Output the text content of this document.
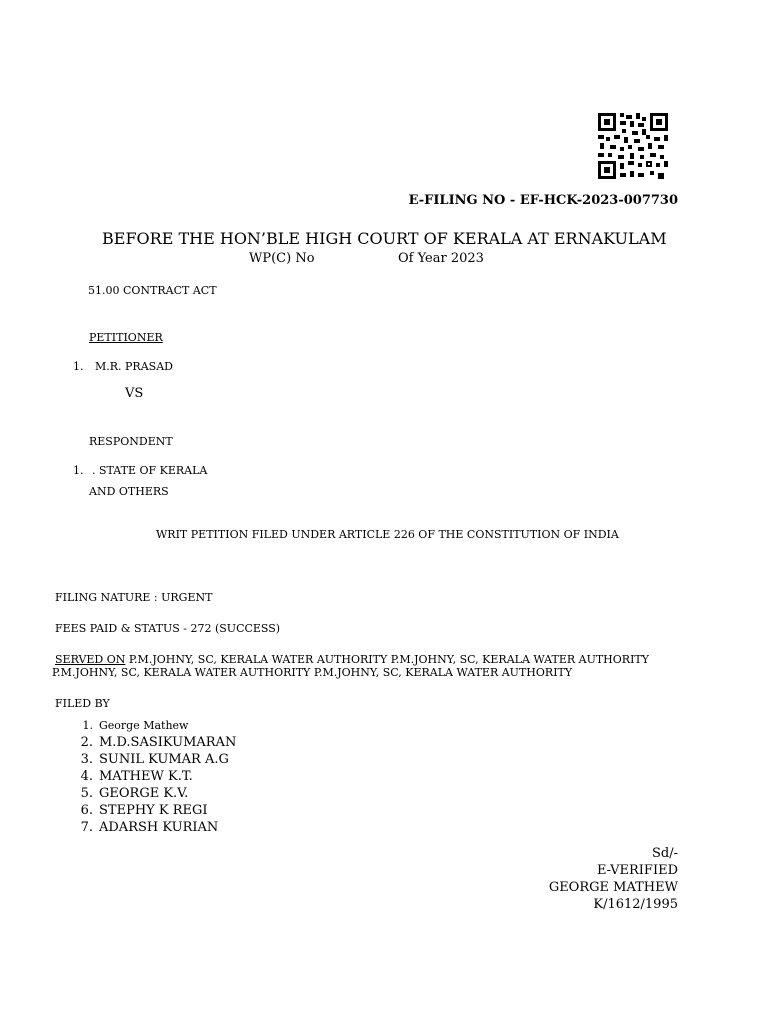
E-FILING NO - EF-HCK-2023-007730
BEFORE THE HON’BLE HIGH COURT OF KERALA AT ERNAKULAM
WP(C) No	Of Year 2023
51.00 CONTRACT ACT
PETITIONER
1. M.R. PRASAD
VS
RESPONDENT
1. . STATE OF KERALA
AND OTHERS
WRIT PETITION FILED UNDER ARTICLE 226 OF THE CONSTITUTION OF INDIA
FILING NATURE : URGENT
FEES PAID & STATUS - 272 (SUCCESS)
SERVED ON P.M.JOHNY, SC, KERALA WATER AUTHORITY P.M.JOHNY, SC, KERALA WATER AUTHORITY P.M.JOHNY, SC, KERALA WATER AUTHORITY P.M.JOHNY, SC, KERALA WATER AUTHORITY
FILED BY
1. George Mathew
2. M.D.SASIKUMARAN
3. SUNIL KUMAR A.G
4. MATHEW K.T.
5. GEORGE K.V.
6. STEPHY K REGI
7. ADARSH KURIAN
Sd/-
E-VERIFIED
GEORGE MATHEW
K/1612/1995
